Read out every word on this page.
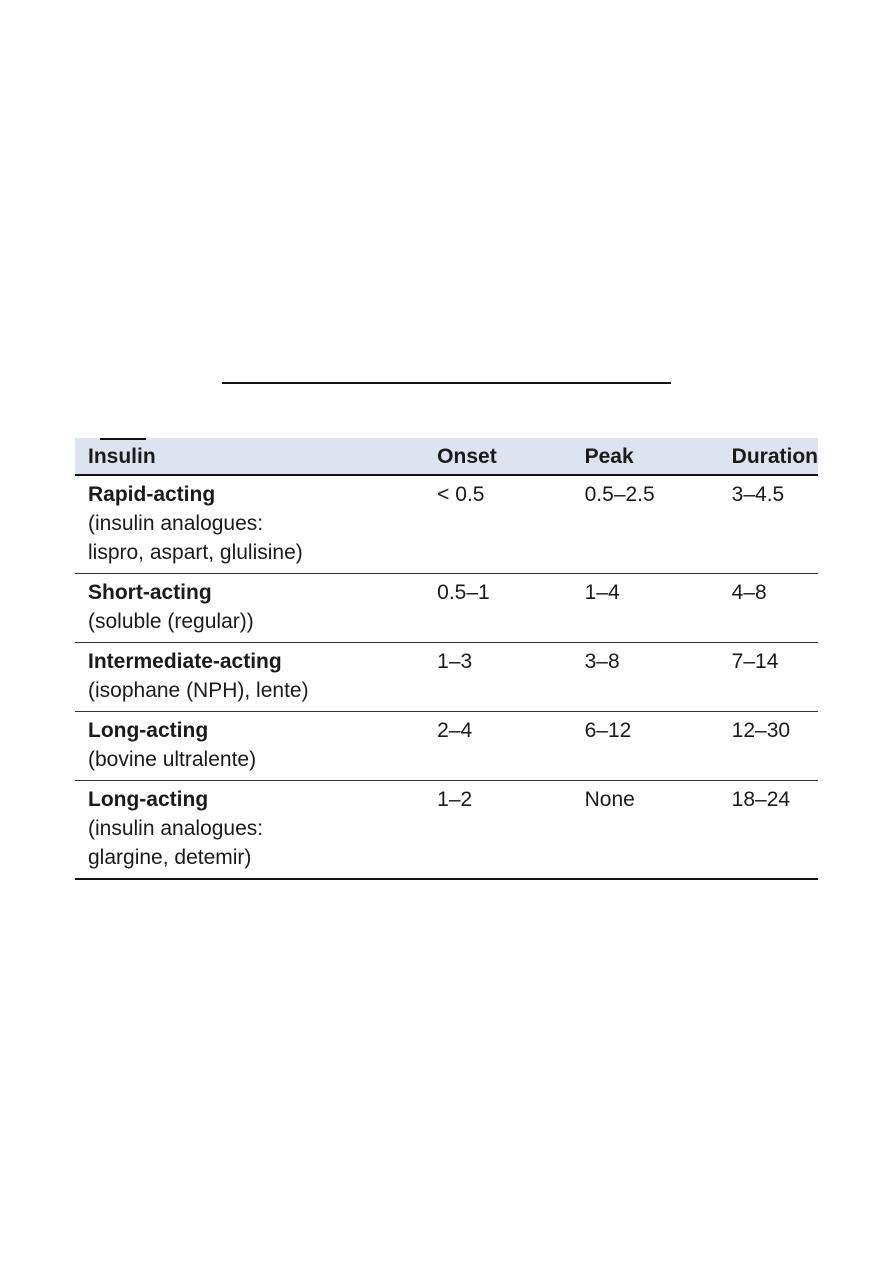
Insulin	Onset	Peak	Duration

Rapid-acting
(insulin analogues:
lispro, aspart, glulisine)	< 0.5	0.5–2.5	3–4.5

Short-acting
(soluble (regular))	0.5–1	1–4	4–8

Intermediate-acting
(isophane (NPH), lente)	1–3	3–8	7–14

Long-acting
(bovine ultralente)	2–4	6–12	12–30

Long-acting
(insulin analogues:
glargine, detemir)	1–2	None	18–24
